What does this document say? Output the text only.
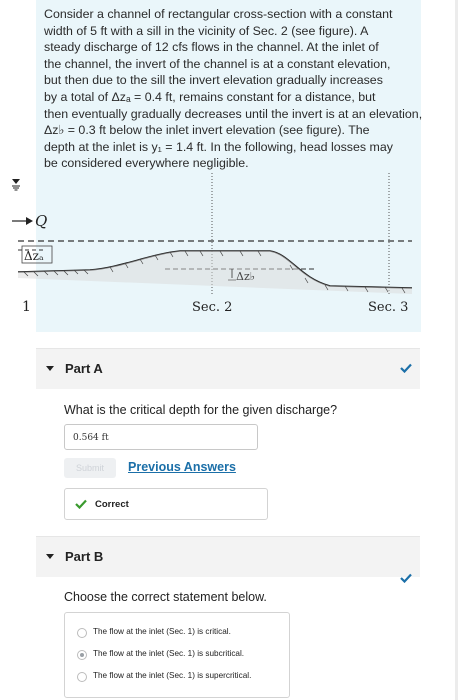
Consider a channel of rectangular cross-section with a constant

width of 5 ft with a sill in the vicinity of Sec. 2 (see figure). A

steady discharge of 12 cfs flows in the channel. At the inlet of

the channel, the invert of the channel is at a constant elevation,

but then due to the sill the invert elevation gradually increases

by a total of Δzₐ = 0.4 ft, remains constant for a distance, but

then eventually gradually decreases until the invert is at an elevation,

Δz♭ = 0.3 ft below the inlet invert elevation (see figure). The

depth at the inlet is y₁ = 1.4 ft. In the following, head losses may

be considered everywhere negligible.

Q
Δzₐ
Δz♭
1	Sec. 2	Sec. 3
Part A
What is the critical depth for the given discharge?
0.564 ft
Submit	Previous Answers
Correct
Part B
Choose the correct statement below.
The flow at the inlet (Sec. 1) is critical.
The flow at the inlet (Sec. 1) is subcritical.
The flow at the inlet (Sec. 1) is supercritical.
